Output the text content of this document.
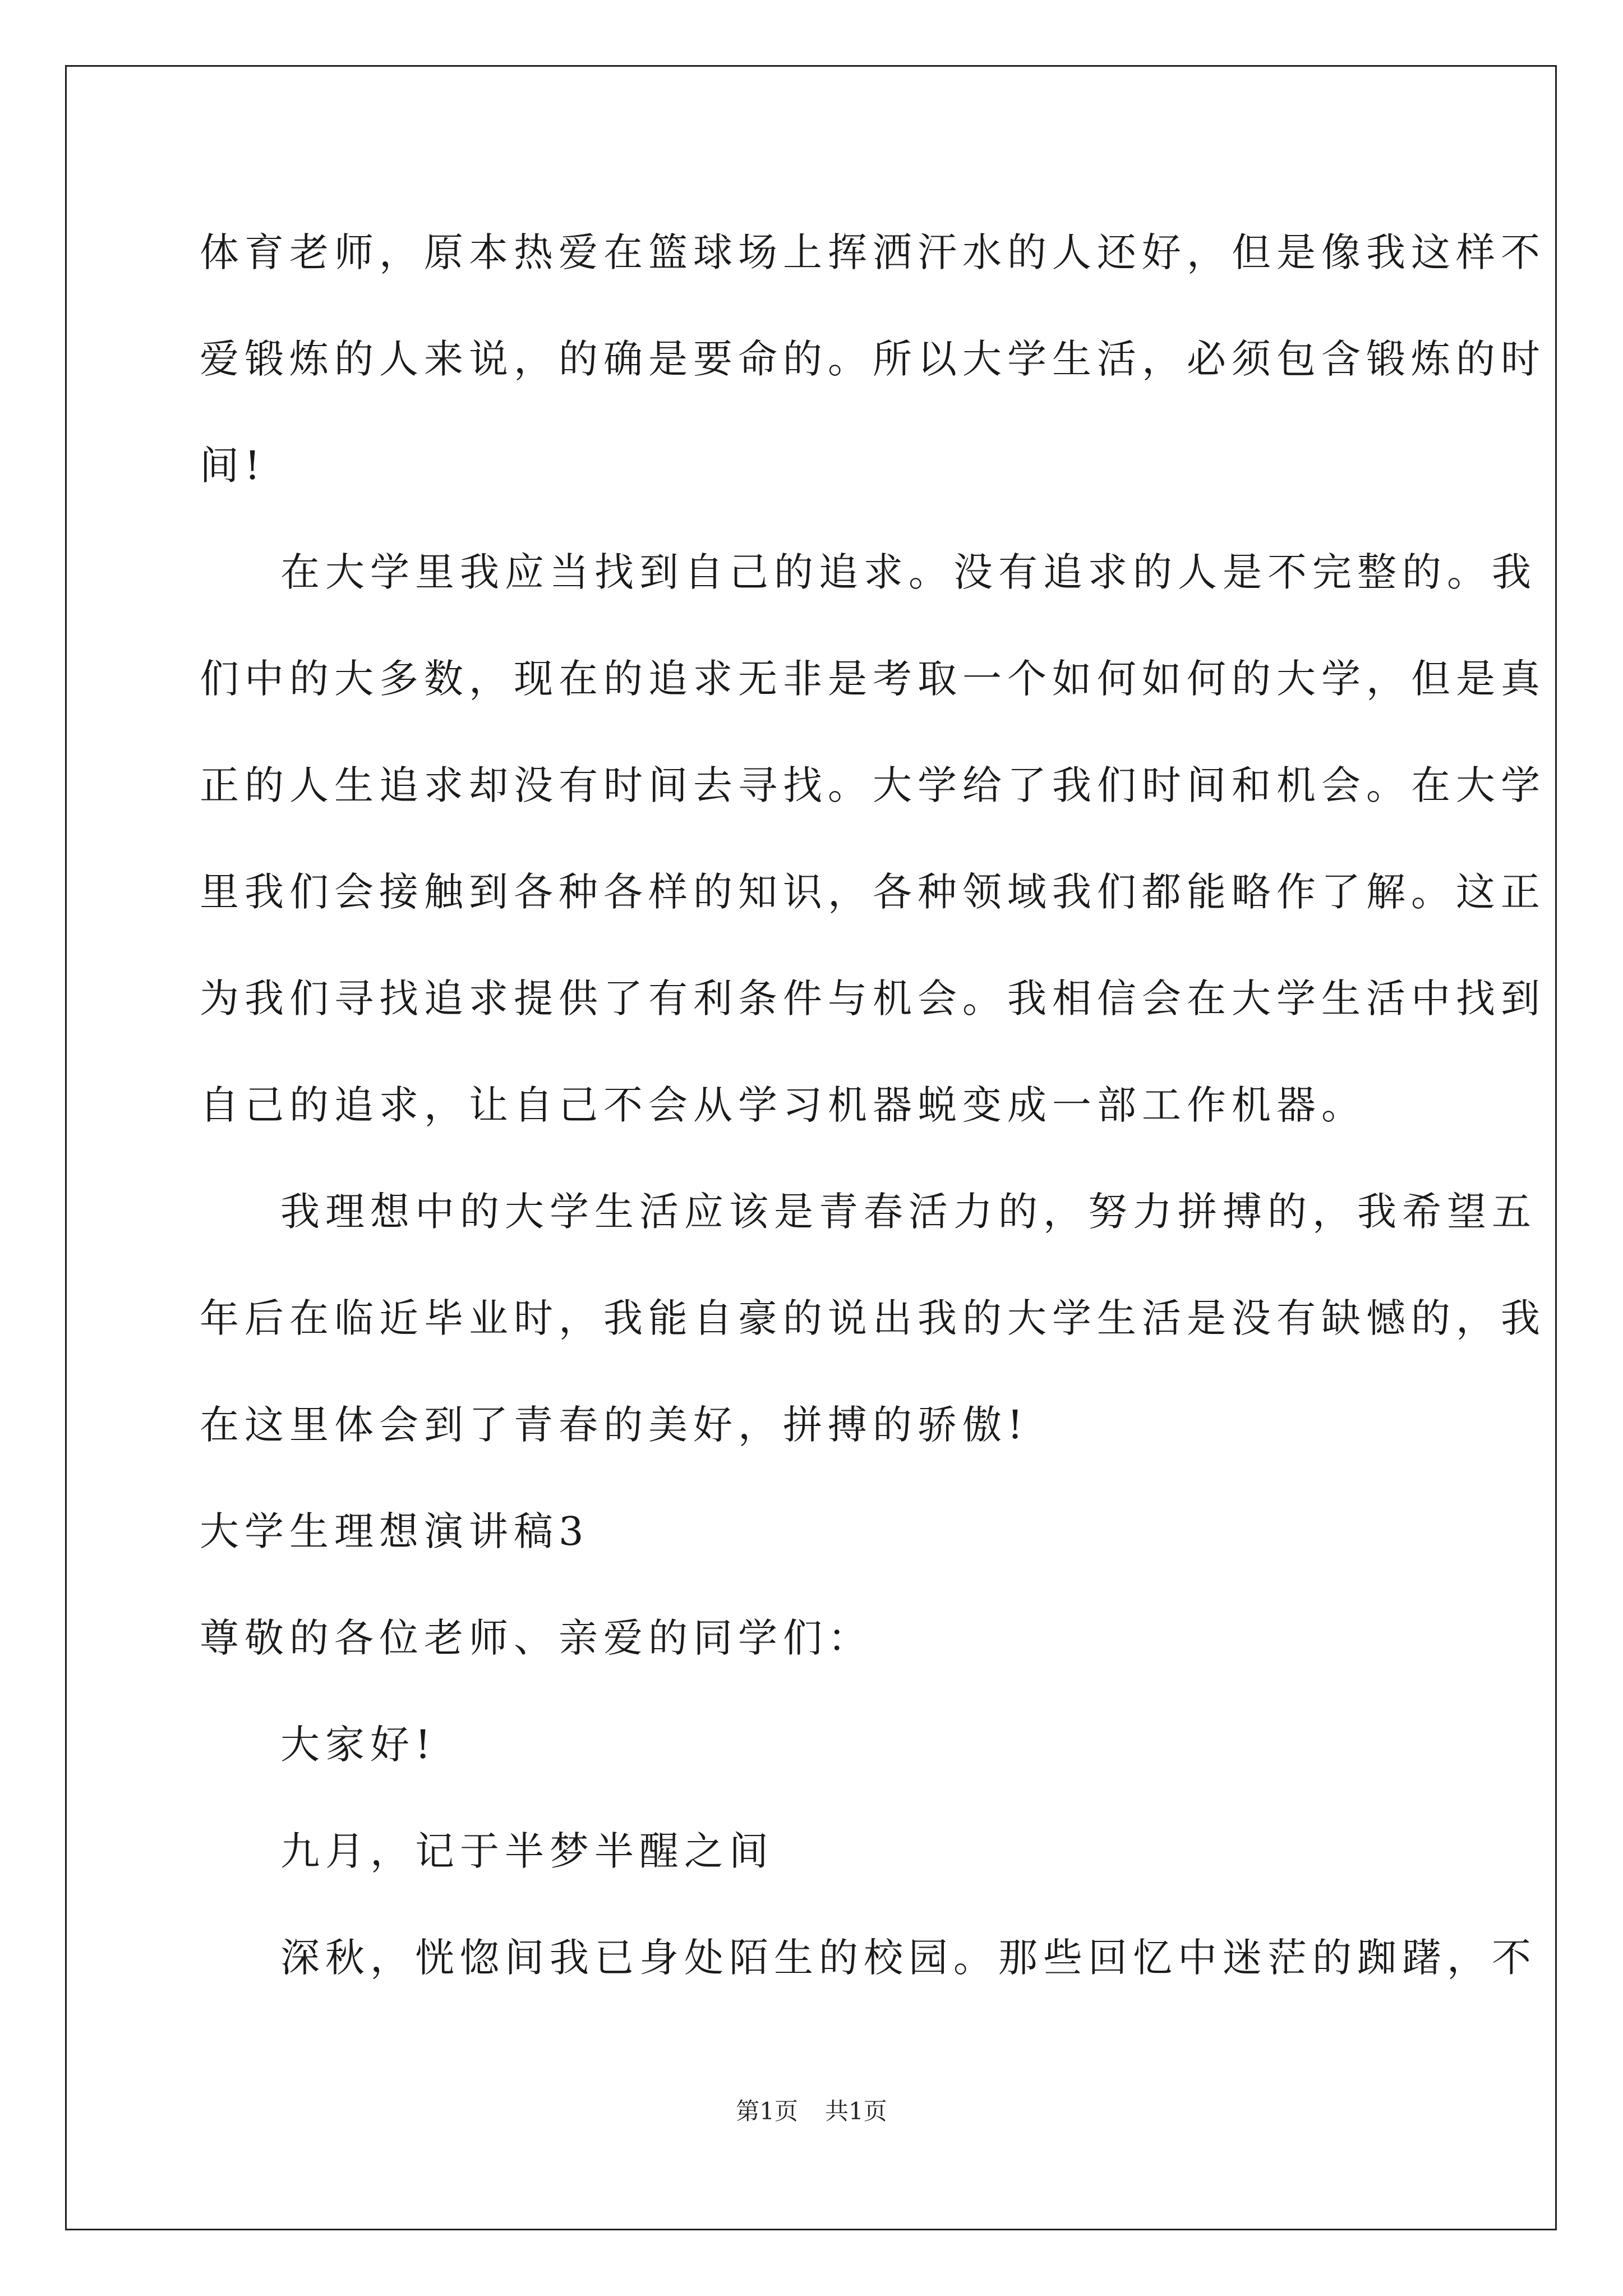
体育老师，原本热爱在篮球场上挥洒汗水的人还好，但是像我这样不
爱锻炼的人来说，的确是要命的。所以大学生活，必须包含锻炼的时
间!
在大学里我应当找到自己的追求。没有追求的人是不完整的。我
们中的大多数，现在的追求无非是考取一个如何如何的大学，但是真
正的人生追求却没有时间去寻找。大学给了我们时间和机会。在大学
里我们会接触到各种各样的知识，各种领域我们都能略作了解。这正
为我们寻找追求提供了有利条件与机会。我相信会在大学生活中找到
自己的追求，让自己不会从学习机器蜕变成一部工作机器。
我理想中的大学生活应该是青春活力的，努力拼搏的，我希望五
年后在临近毕业时，我能自豪的说出我的大学生活是没有缺憾的，我
在这里体会到了青春的美好，拼搏的骄傲!
大学生理想演讲稿3
尊敬的各位老师、亲爱的同学们：
大家好!
九月，记于半梦半醒之间
深秋，恍惚间我已身处陌生的校园。那些回忆中迷茫的踟躇，不
第1页 共1页
